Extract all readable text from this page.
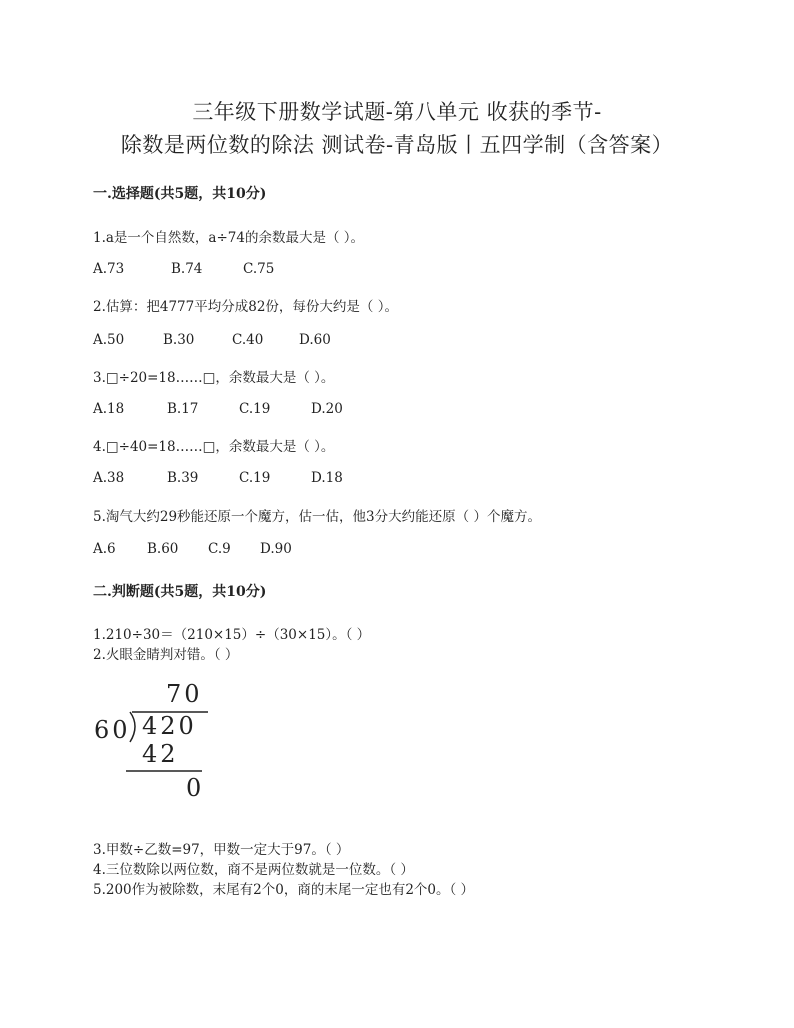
三年级下册数学试题-第八单元 收获的季节-
除数是两位数的除法 测试卷-青岛版丨五四学制（含答案）
一.选择题(共5题，共10分)
1.a是一个自然数，a÷74的余数最大是（ ）。
A.73	B.74	C.75
2.估算：把4777平均分成82份，每份大约是（ ）。
A.50	B.30	C.40	D.60
3.□÷20=18……□，余数最大是（ ）。
A.18	B.17	C.19	D.20
4.□÷40=18……□，余数最大是（ ）。
A.38	B.39	C.19	D.18
5.淘气大约29秒能还原一个魔方，估一估，他3分大约能还原（ ）个魔方。
A.6	B.60	C.9	D.90
二.判断题(共5题，共10分)
1.210÷30＝（210×15）÷（30×15）。（ ）
2.火眼金睛判对错。（ ）
70
60 420
42
0
3.甲数÷乙数=97，甲数一定大于97。（ ）
4.三位数除以两位数，商不是两位数就是一位数。（ ）
5.200作为被除数，末尾有2个0，商的末尾一定也有2个0。（ ）
